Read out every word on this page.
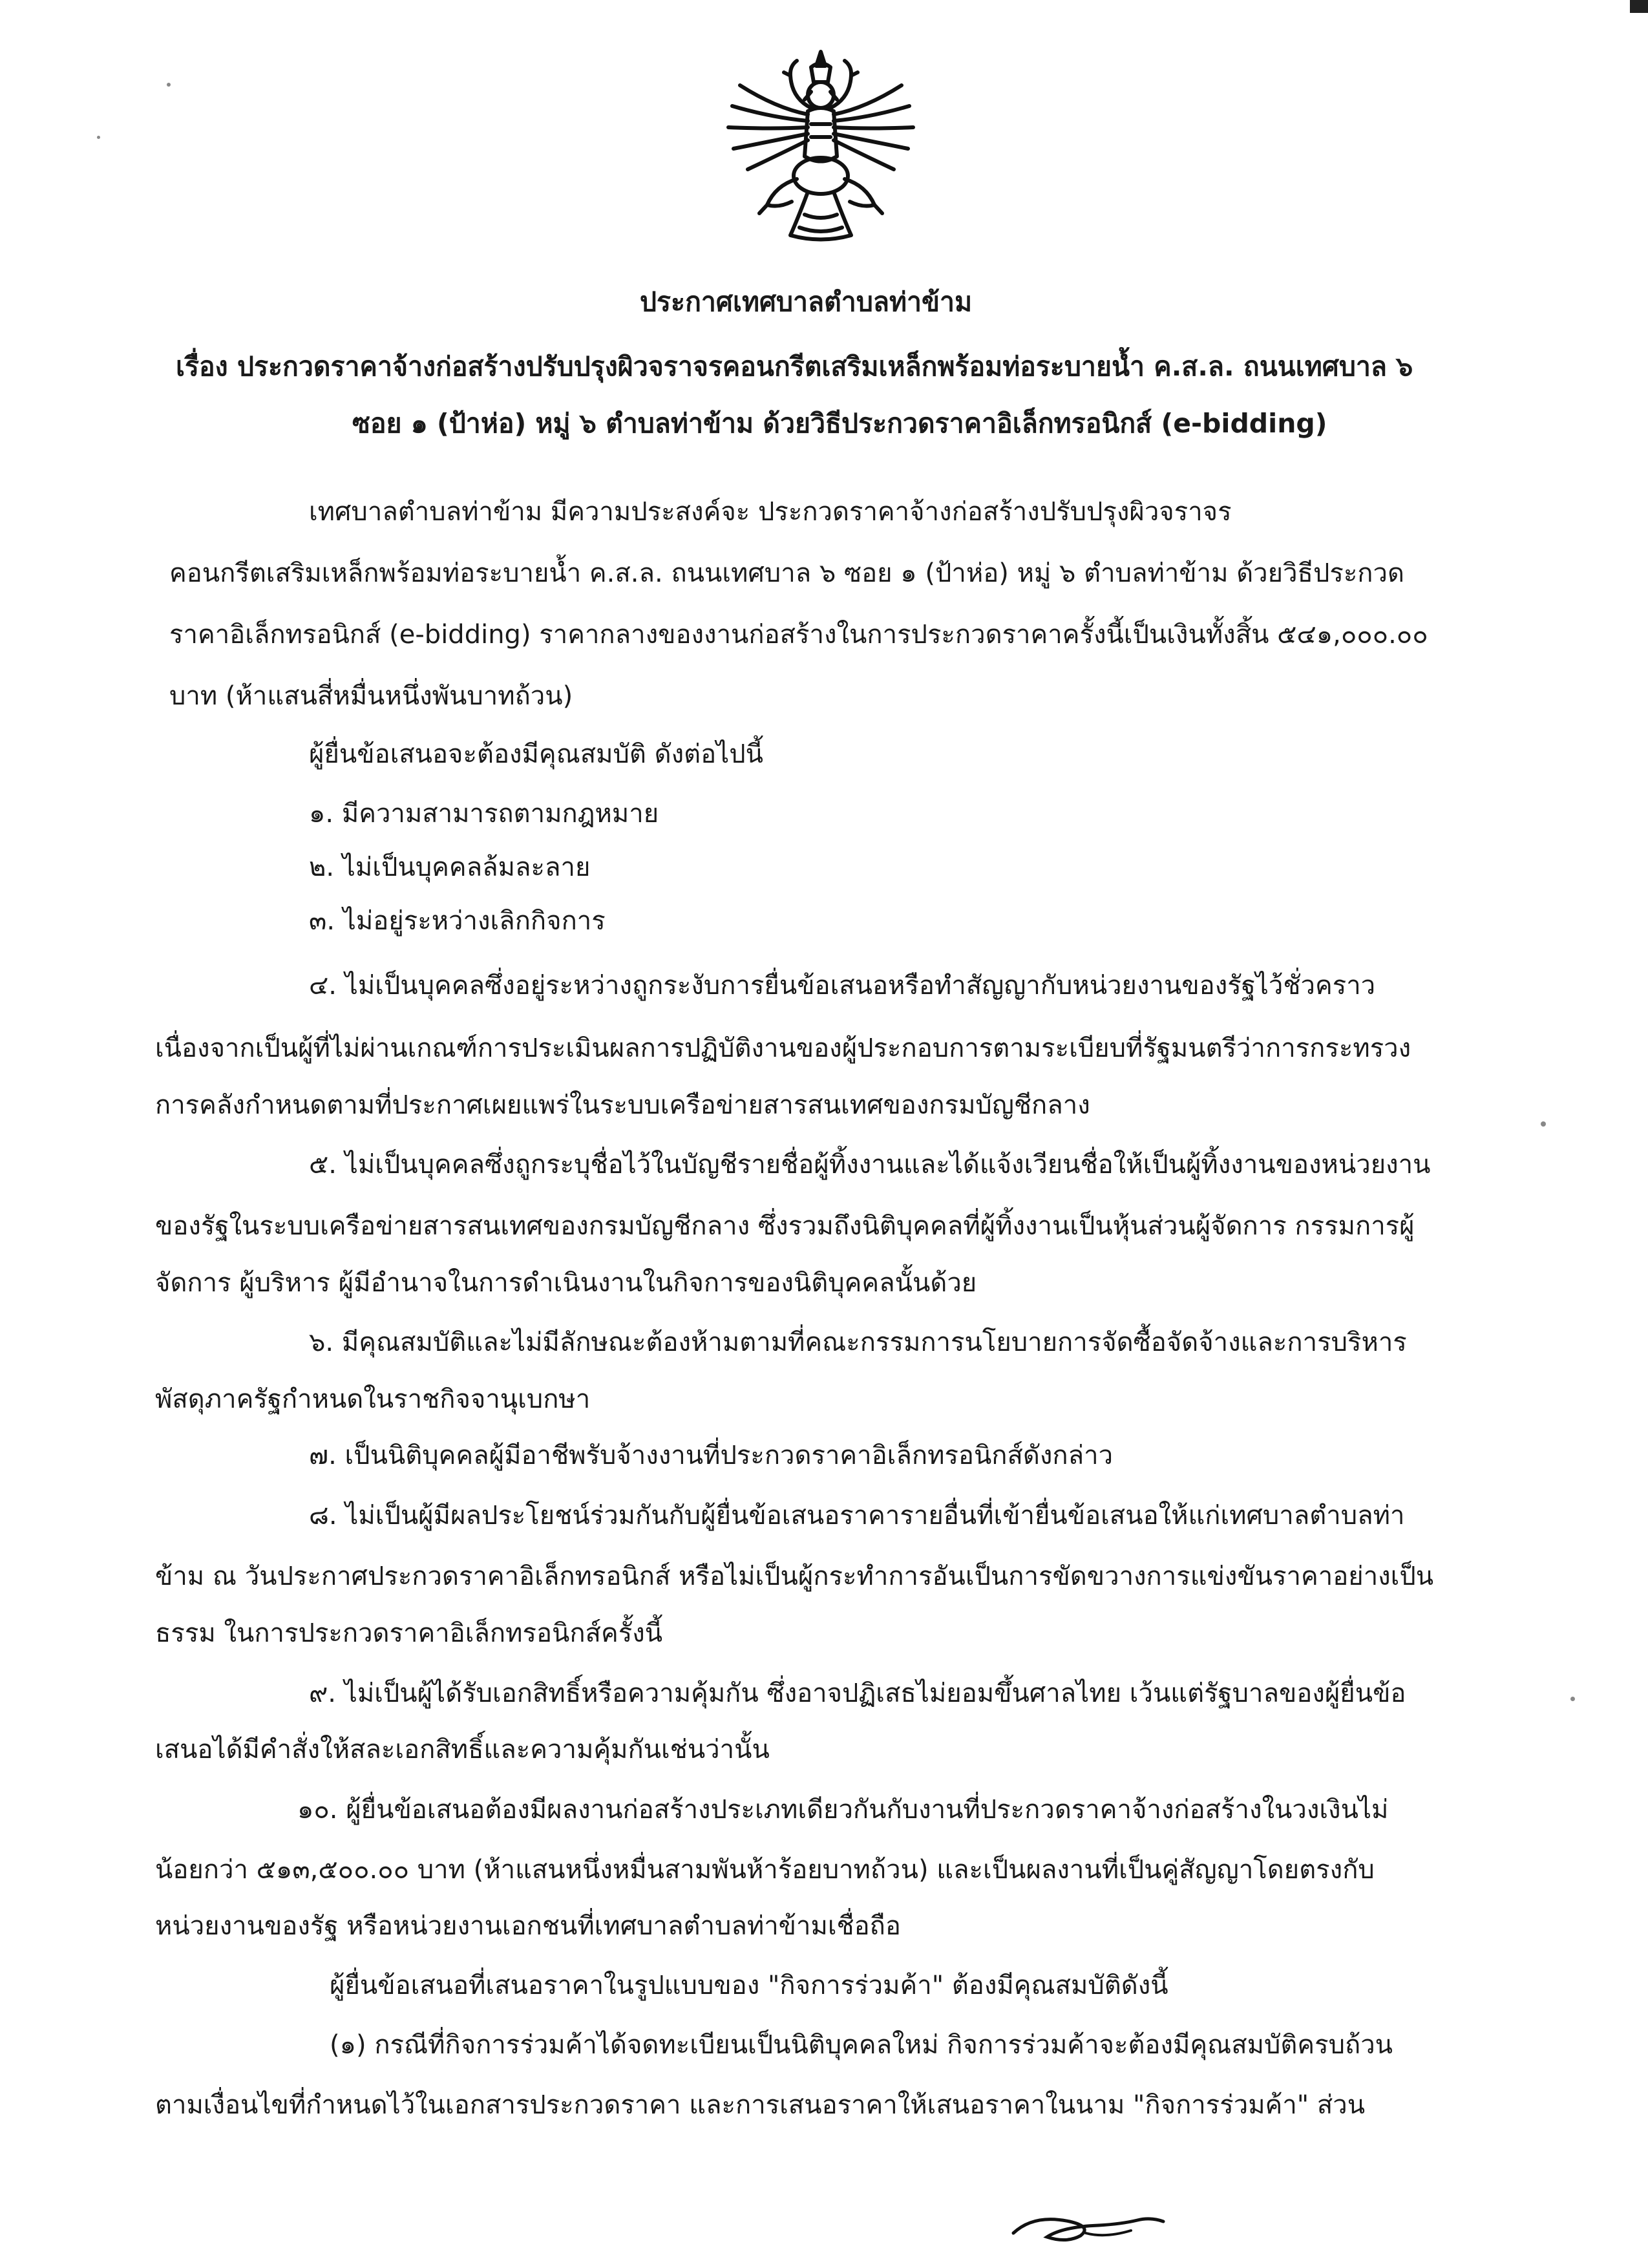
ประกาศเทศบาลตำบลท่าข้าม
เรื่อง ประกวดราคาจ้างก่อสร้างปรับปรุงผิวจราจรคอนกรีตเสริมเหล็กพร้อมท่อระบายน้ำ ค.ส.ล. ถนนเทศบาล ๖
ซอย ๑ (ป้าห่อ) หมู่ ๖ ตำบลท่าข้าม ด้วยวิธีประกวดราคาอิเล็กทรอนิกส์ (e-bidding)
เทศบาลตำบลท่าข้าม มีความประสงค์จะ ประกวดราคาจ้างก่อสร้างปรับปรุงผิวจราจร
คอนกรีตเสริมเหล็กพร้อมท่อระบายน้ำ ค.ส.ล. ถนนเทศบาล ๖ ซอย ๑ (ป้าห่อ) หมู่ ๖ ตำบลท่าข้าม ด้วยวิธีประกวด
ราคาอิเล็กทรอนิกส์ (e-bidding) ราคากลางของงานก่อสร้างในการประกวดราคาครั้งนี้เป็นเงินทั้งสิ้น ๕๔๑,๐๐๐.๐๐
บาท (ห้าแสนสี่หมื่นหนึ่งพันบาทถ้วน)
ผู้ยื่นข้อเสนอจะต้องมีคุณสมบัติ ดังต่อไปนี้
๑. มีความสามารถตามกฎหมาย
๒. ไม่เป็นบุคคลล้มละลาย
๓. ไม่อยู่ระหว่างเลิกกิจการ
๔. ไม่เป็นบุคคลซึ่งอยู่ระหว่างถูกระงับการยื่นข้อเสนอหรือทำสัญญากับหน่วยงานของรัฐไว้ชั่วคราว
เนื่องจากเป็นผู้ที่ไม่ผ่านเกณฑ์การประเมินผลการปฏิบัติงานของผู้ประกอบการตามระเบียบที่รัฐมนตรีว่าการกระทรวง
การคลังกำหนดตามที่ประกาศเผยแพร่ในระบบเครือข่ายสารสนเทศของกรมบัญชีกลาง
๕. ไม่เป็นบุคคลซึ่งถูกระบุชื่อไว้ในบัญชีรายชื่อผู้ทิ้งงานและได้แจ้งเวียนชื่อให้เป็นผู้ทิ้งงานของหน่วยงาน
ของรัฐในระบบเครือข่ายสารสนเทศของกรมบัญชีกลาง ซึ่งรวมถึงนิติบุคคลที่ผู้ทิ้งงานเป็นหุ้นส่วนผู้จัดการ กรรมการผู้
จัดการ ผู้บริหาร ผู้มีอำนาจในการดำเนินงานในกิจการของนิติบุคคลนั้นด้วย
๖. มีคุณสมบัติและไม่มีลักษณะต้องห้ามตามที่คณะกรรมการนโยบายการจัดซื้อจัดจ้างและการบริหาร
พัสดุภาครัฐกำหนดในราชกิจจานุเบกษา
๗. เป็นนิติบุคคลผู้มีอาชีพรับจ้างงานที่ประกวดราคาอิเล็กทรอนิกส์ดังกล่าว
๘. ไม่เป็นผู้มีผลประโยชน์ร่วมกันกับผู้ยื่นข้อเสนอราคารายอื่นที่เข้ายื่นข้อเสนอให้แก่เทศบาลตำบลท่า
ข้าม ณ วันประกาศประกวดราคาอิเล็กทรอนิกส์ หรือไม่เป็นผู้กระทำการอันเป็นการขัดขวางการแข่งขันราคาอย่างเป็น
ธรรม ในการประกวดราคาอิเล็กทรอนิกส์ครั้งนี้
๙. ไม่เป็นผู้ได้รับเอกสิทธิ์หรือความคุ้มกัน ซึ่งอาจปฏิเสธไม่ยอมขึ้นศาลไทย เว้นแต่รัฐบาลของผู้ยื่นข้อ
เสนอได้มีคำสั่งให้สละเอกสิทธิ์และความคุ้มกันเช่นว่านั้น
๑๐. ผู้ยื่นข้อเสนอต้องมีผลงานก่อสร้างประเภทเดียวกันกับงานที่ประกวดราคาจ้างก่อสร้างในวงเงินไม่
น้อยกว่า ๕๑๓,๕๐๐.๐๐ บาท (ห้าแสนหนึ่งหมื่นสามพันห้าร้อยบาทถ้วน) และเป็นผลงานที่เป็นคู่สัญญาโดยตรงกับ
หน่วยงานของรัฐ หรือหน่วยงานเอกชนที่เทศบาลตำบลท่าข้ามเชื่อถือ
ผู้ยื่นข้อเสนอที่เสนอราคาในรูปแบบของ "กิจการร่วมค้า" ต้องมีคุณสมบัติดังนี้
(๑) กรณีที่กิจการร่วมค้าได้จดทะเบียนเป็นนิติบุคคลใหม่ กิจการร่วมค้าจะต้องมีคุณสมบัติครบถ้วน
ตามเงื่อนไขที่กำหนดไว้ในเอกสารประกวดราคา และการเสนอราคาให้เสนอราคาในนาม "กิจการร่วมค้า" ส่วน
